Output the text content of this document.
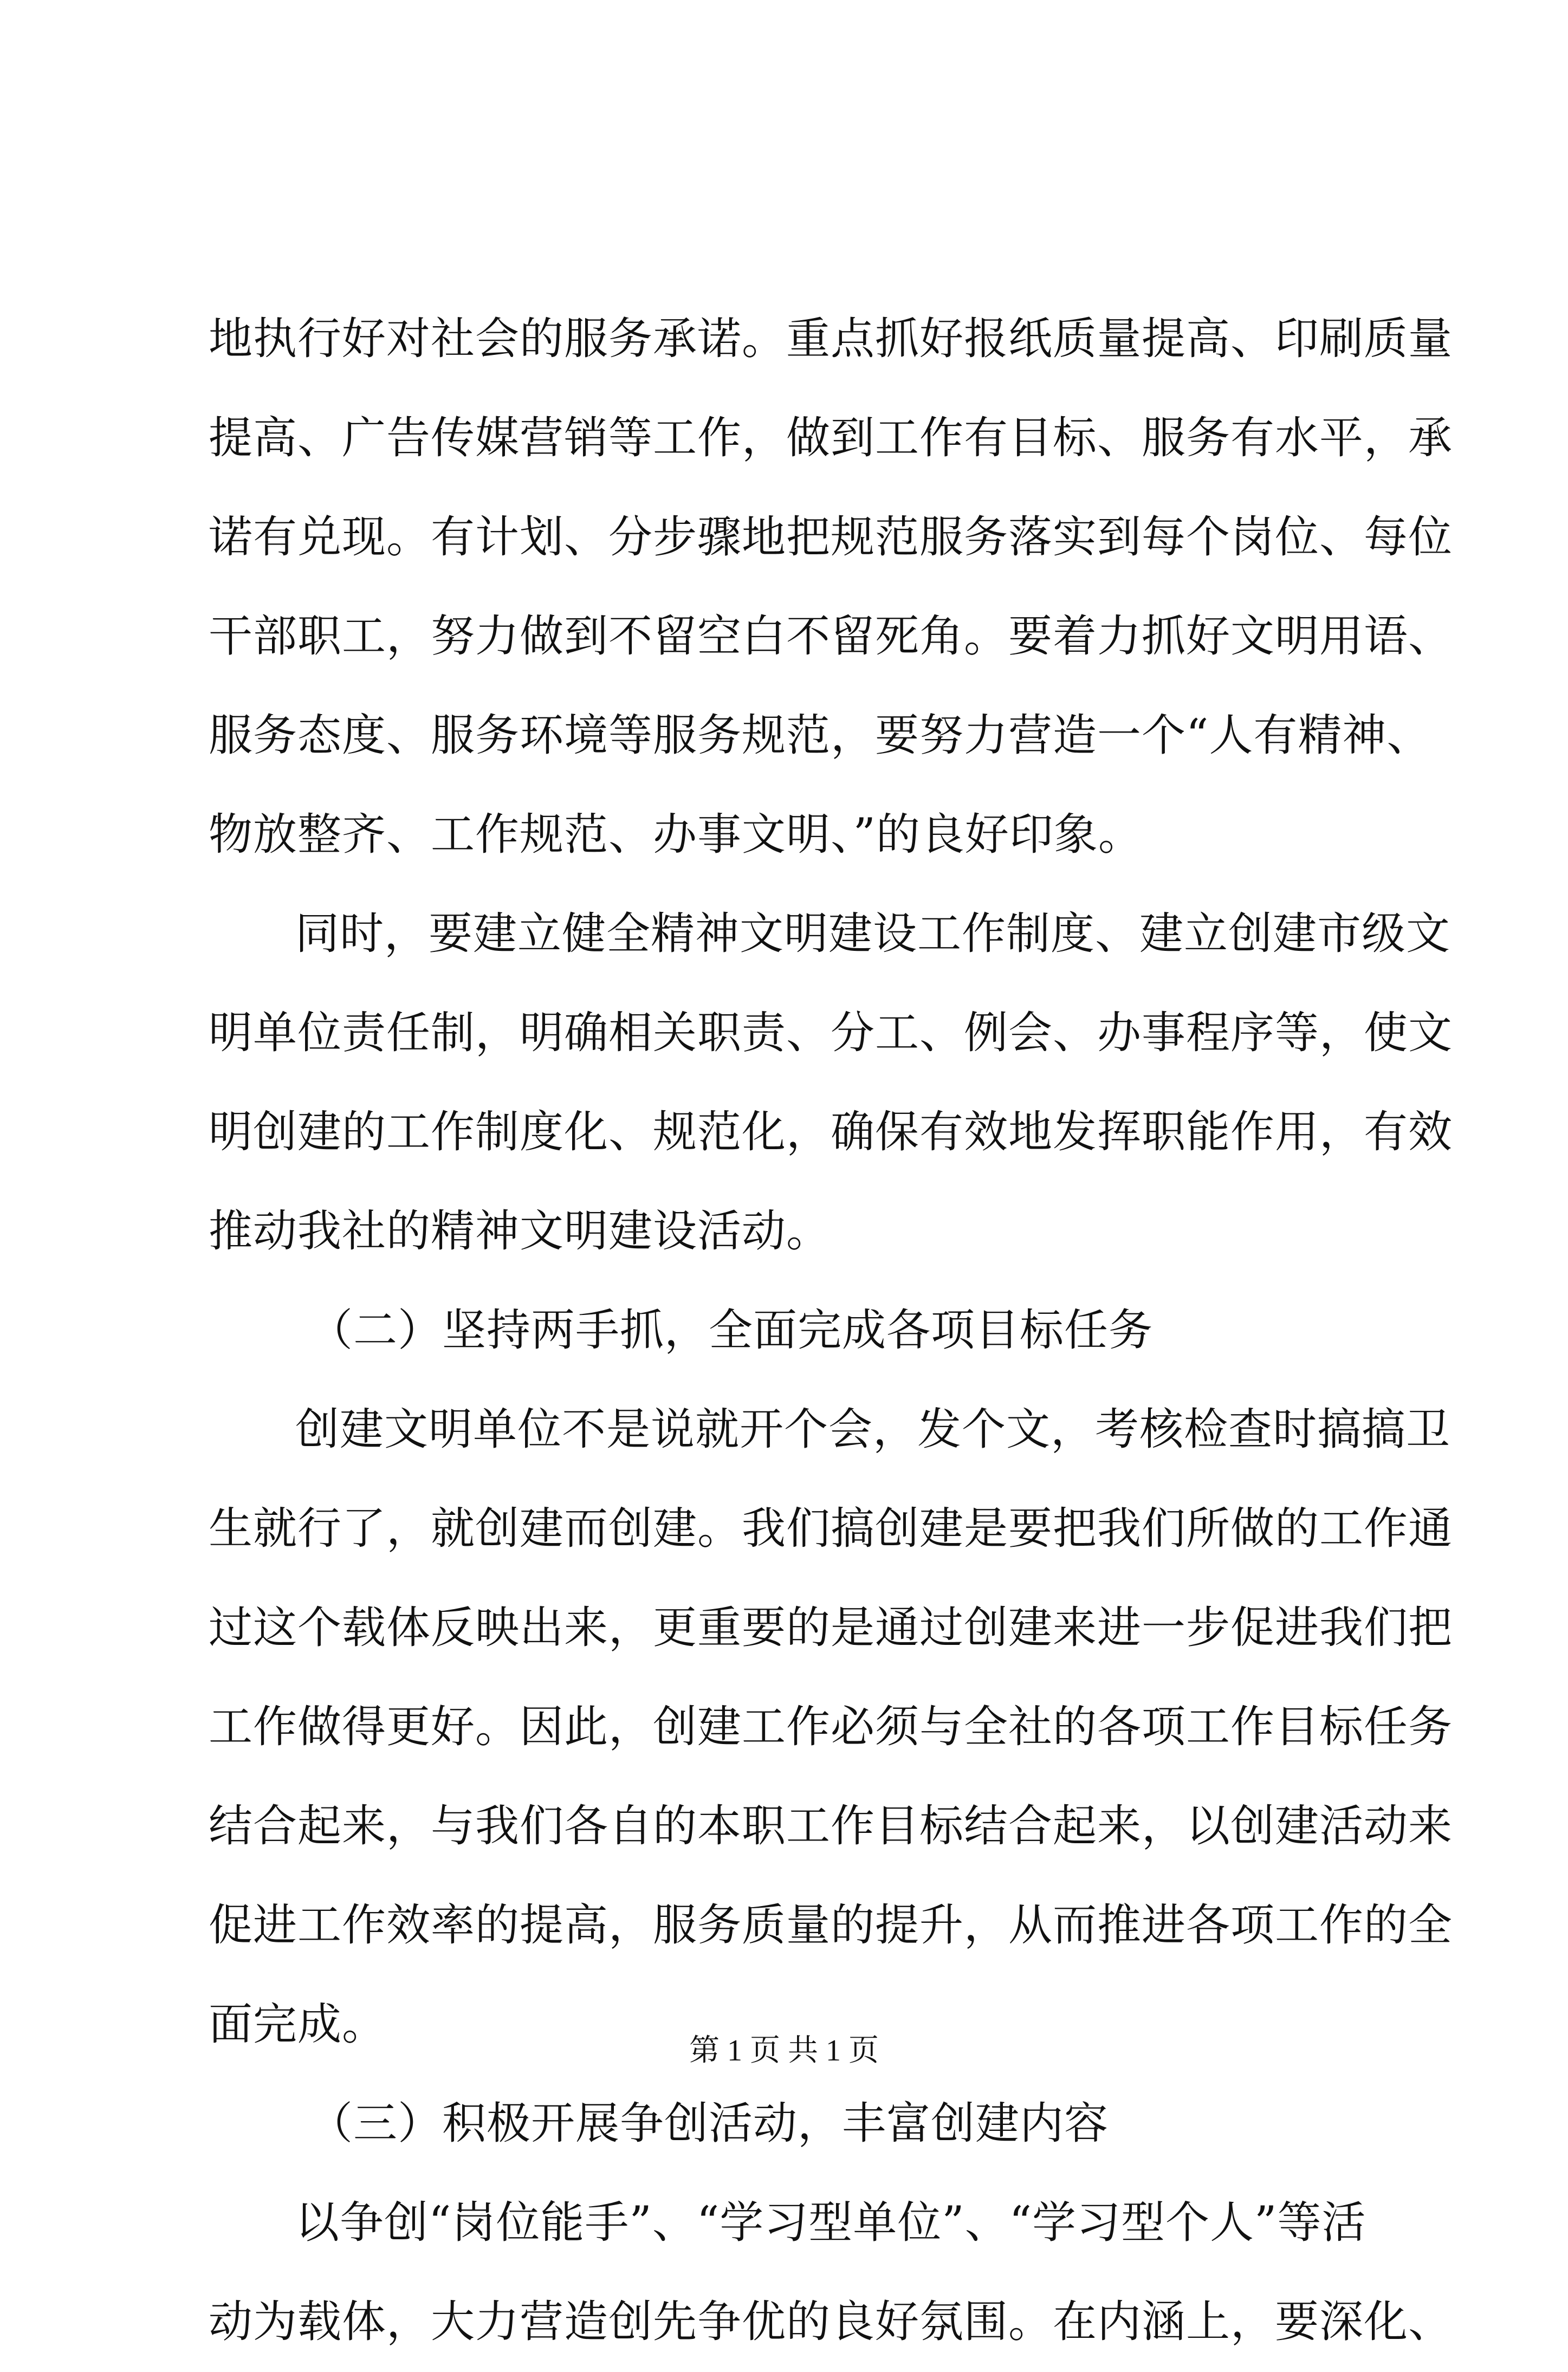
地执行好对社会的服务承诺。重点抓好报纸质量提高、印刷质量
提高、广告传媒营销等工作，做到工作有目标、服务有水平，承
诺有兑现。有计划、分步骤地把规范服务落实到每个岗位、每位
干部职工，努力做到不留空白不留死角。要着力抓好文明用语、
服务态度、服务环境等服务规范，要努力营造一个“人有精神、
物放整齐、工作规范、办事文明、”的良好印象。
同时，要建立健全精神文明建设工作制度、建立创建市级文
明单位责任制，明确相关职责、分工、例会、办事程序等，使文
明创建的工作制度化、规范化，确保有效地发挥职能作用，有效
推动我社的精神文明建设活动。
（二）坚持两手抓，全面完成各项目标任务
创建文明单位不是说就开个会，发个文，考核检查时搞搞卫
生就行了，就创建而创建。我们搞创建是要把我们所做的工作通
过这个载体反映出来，更重要的是通过创建来进一步促进我们把
工作做得更好。因此，创建工作必须与全社的各项工作目标任务
结合起来，与我们各自的本职工作目标结合起来，以创建活动来
促进工作效率的提高，服务质量的提升，从而推进各项工作的全
面完成。
（三）积极开展争创活动，丰富创建内容
以争创“岗位能手”、“学习型单位”、“学习型个人”等活
动为载体，大力营造创先争优的良好氛围。在内涵上，要深化、
第 1 页 共 1 页
